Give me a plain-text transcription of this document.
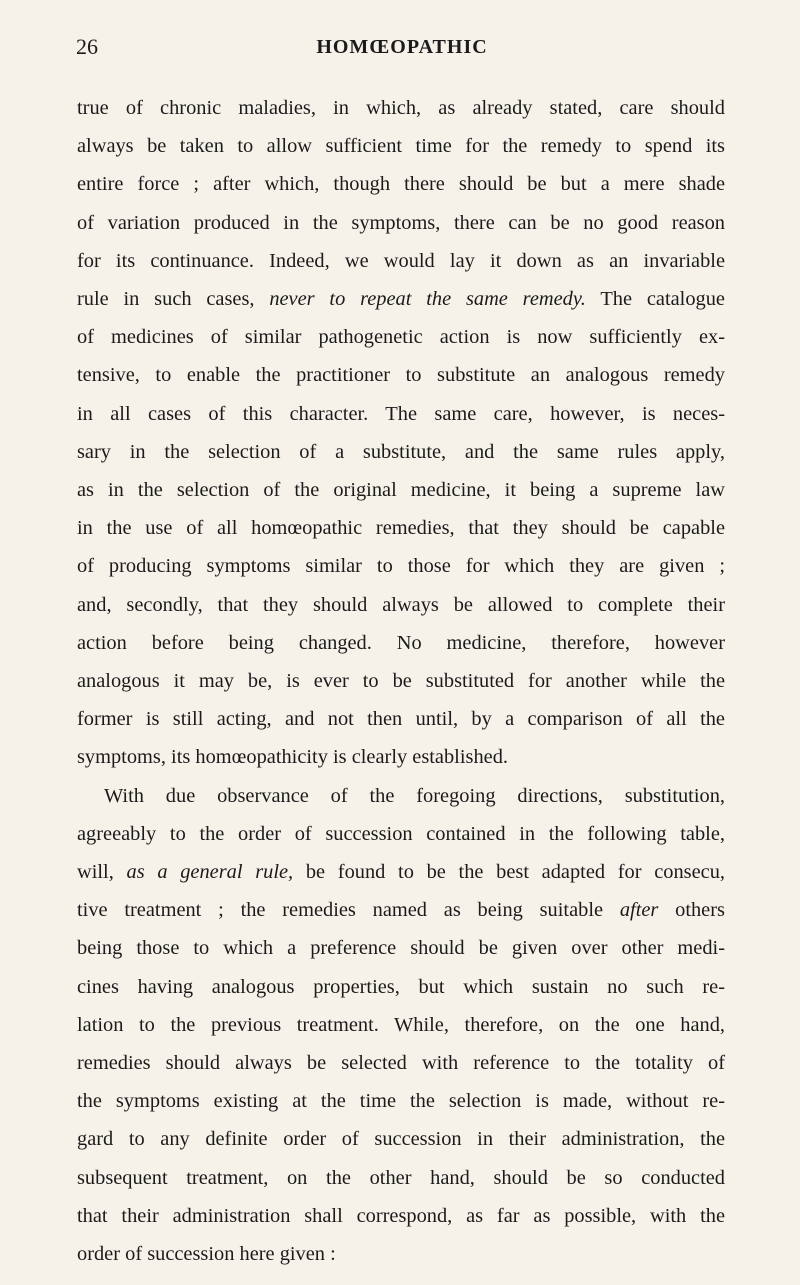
26	HOMŒOPATHIC
true of chronic maladies, in which, as already stated, care should
always be taken to allow sufficient time for the remedy to spend its
entire force ; after which, though there should be but a mere shade
of variation produced in the symptoms, there can be no good reason
for its continuance. Indeed, we would lay it down as an invariable
rule in such cases, never to repeat the same remedy. The catalogue
of medicines of similar pathogenetic action is now sufficiently ex-
tensive, to enable the practitioner to substitute an analogous remedy
in all cases of this character. The same care, however, is neces-
sary in the selection of a substitute, and the same rules apply,
as in the selection of the original medicine, it being a supreme law
in the use of all homœopathic remedies, that they should be capable
of producing symptoms similar to those for which they are given ;
and, secondly, that they should always be allowed to complete their
action before being changed. No medicine, therefore, however
analogous it may be, is ever to be substituted for another while the
former is still acting, and not then until, by a comparison of all the
symptoms, its homœopathicity is clearly established.
With due observance of the foregoing directions, substitution,
agreeably to the order of succession contained in the following table,
will, as a general rule, be found to be the best adapted for consecu,
tive treatment ; the remedies named as being suitable after others
being those to which a preference should be given over other medi-
cines having analogous properties, but which sustain no such re-
lation to the previous treatment. While, therefore, on the one hand,
remedies should always be selected with reference to the totality of
the symptoms existing at the time the selection is made, without re-
gard to any definite order of succession in their administration, the
subsequent treatment, on the other hand, should be so conducted
that their administration shall correspond, as far as possible, with the
order of succession here given :
